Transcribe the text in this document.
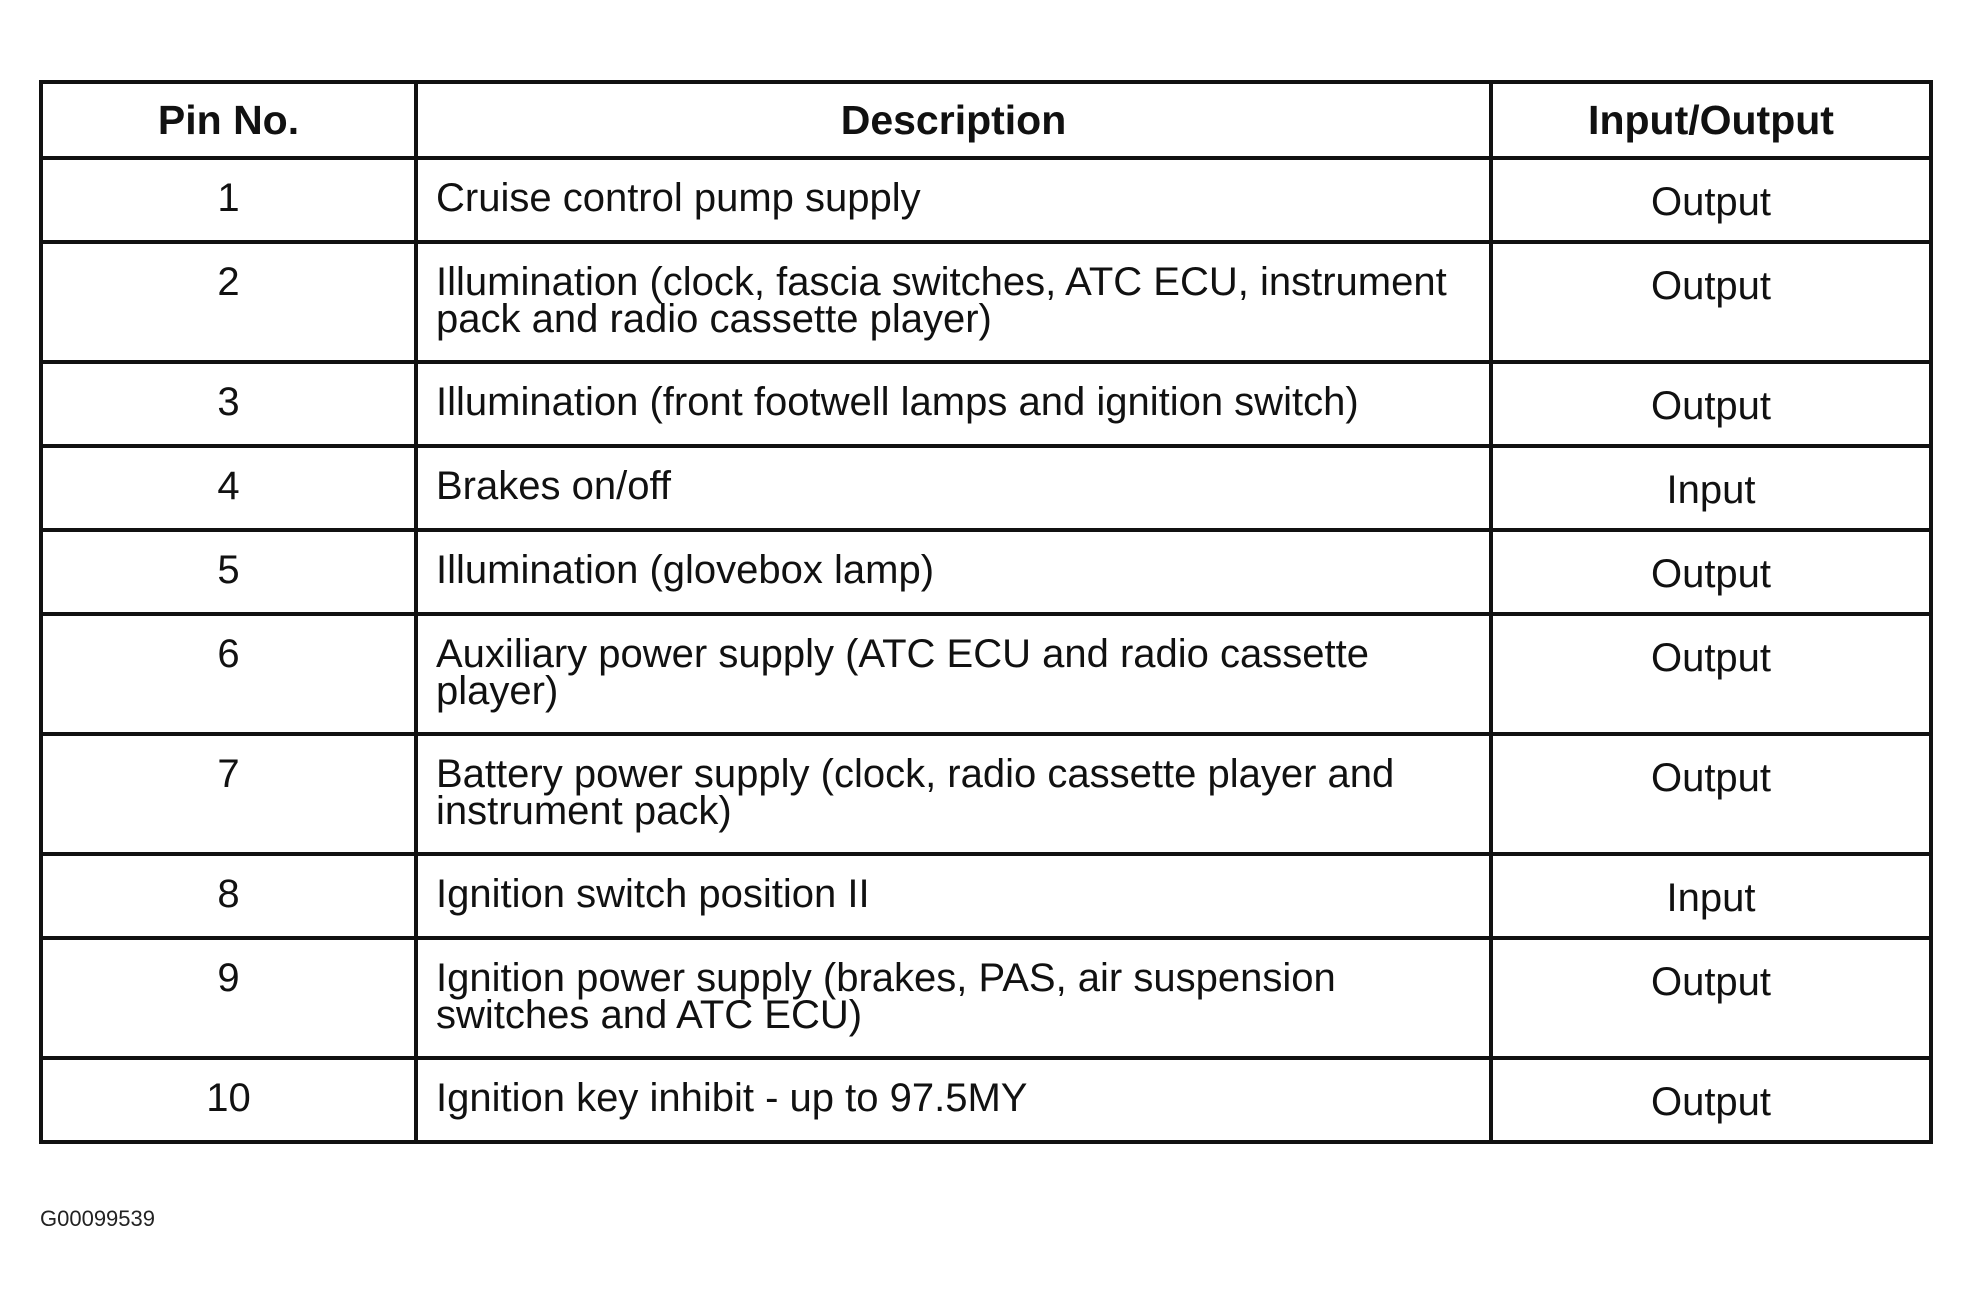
Pin No.	Description	Input/Output
1	Cruise control pump supply	Output
2	Illumination (clock, fascia switches, ATC ECU, instrument pack and radio cassette player)	Output
3	Illumination (front footwell lamps and ignition switch)	Output
4	Brakes on/off	Input
5	Illumination (glovebox lamp)	Output
6	Auxiliary power supply (ATC ECU and radio cassette player)	Output
7	Battery power supply (clock, radio cassette player and instrument pack)	Output
8	Ignition switch position II	Input
9	Ignition power supply (brakes, PAS, air suspension switches and ATC ECU)	Output
10	Ignition key inhibit - up to 97.5MY	Output
G00099539
